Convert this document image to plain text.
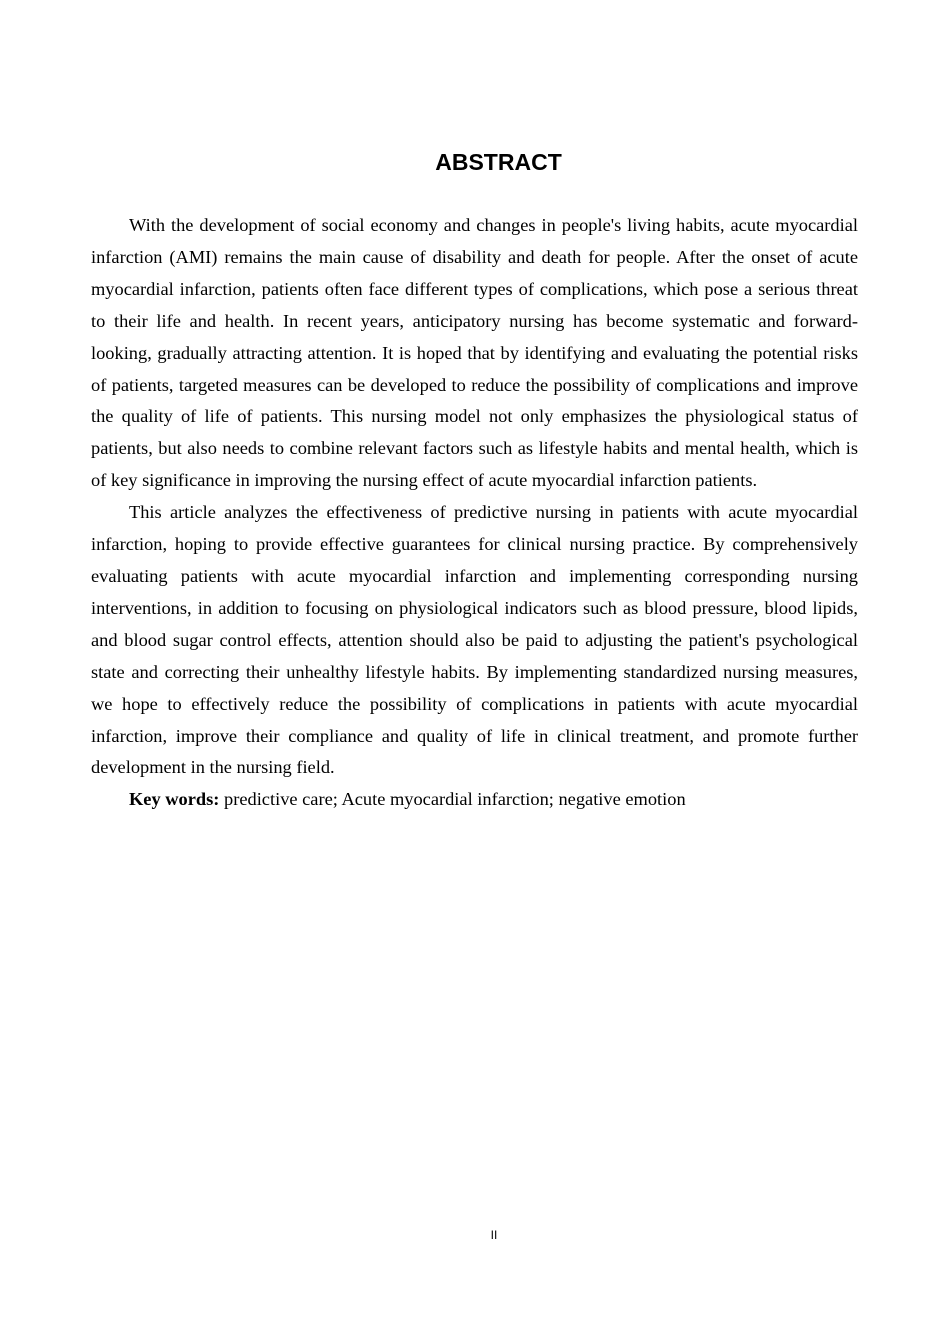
ABSTRACT

With the development of social economy and changes in people's living habits, acute myocardial infarction (AMI) remains the main cause of disability and death for people. After the onset of acute myocardial infarction, patients often face different types of complications, which pose a serious threat to their life and health. In recent years, anticipatory nursing has become systematic and forward-looking, gradually attracting attention. It is hoped that by identifying and evaluating the potential risks of patients, targeted measures can be developed to reduce the possibility of complications and improve the quality of life of patients. This nursing model not only emphasizes the physiological status of patients, but also needs to combine relevant factors such as lifestyle habits and mental health, which is of key significance in improving the nursing effect of acute myocardial infarction patients.

This article analyzes the effectiveness of predictive nursing in patients with acute myocardial infarction, hoping to provide effective guarantees for clinical nursing practice. By comprehensively evaluating patients with acute myocardial infarction and implementing corresponding nursing interventions, in addition to focusing on physiological indicators such as blood pressure, blood lipids, and blood sugar control effects, attention should also be paid to adjusting the patient's psychological state and correcting their unhealthy lifestyle habits. By implementing standardized nursing measures, we hope to effectively reduce the possibility of complications in patients with acute myocardial infarction, improve their compliance and quality of life in clinical treatment, and promote further development in the nursing field.

Key words: predictive care; Acute myocardial infarction; negative emotion

II
